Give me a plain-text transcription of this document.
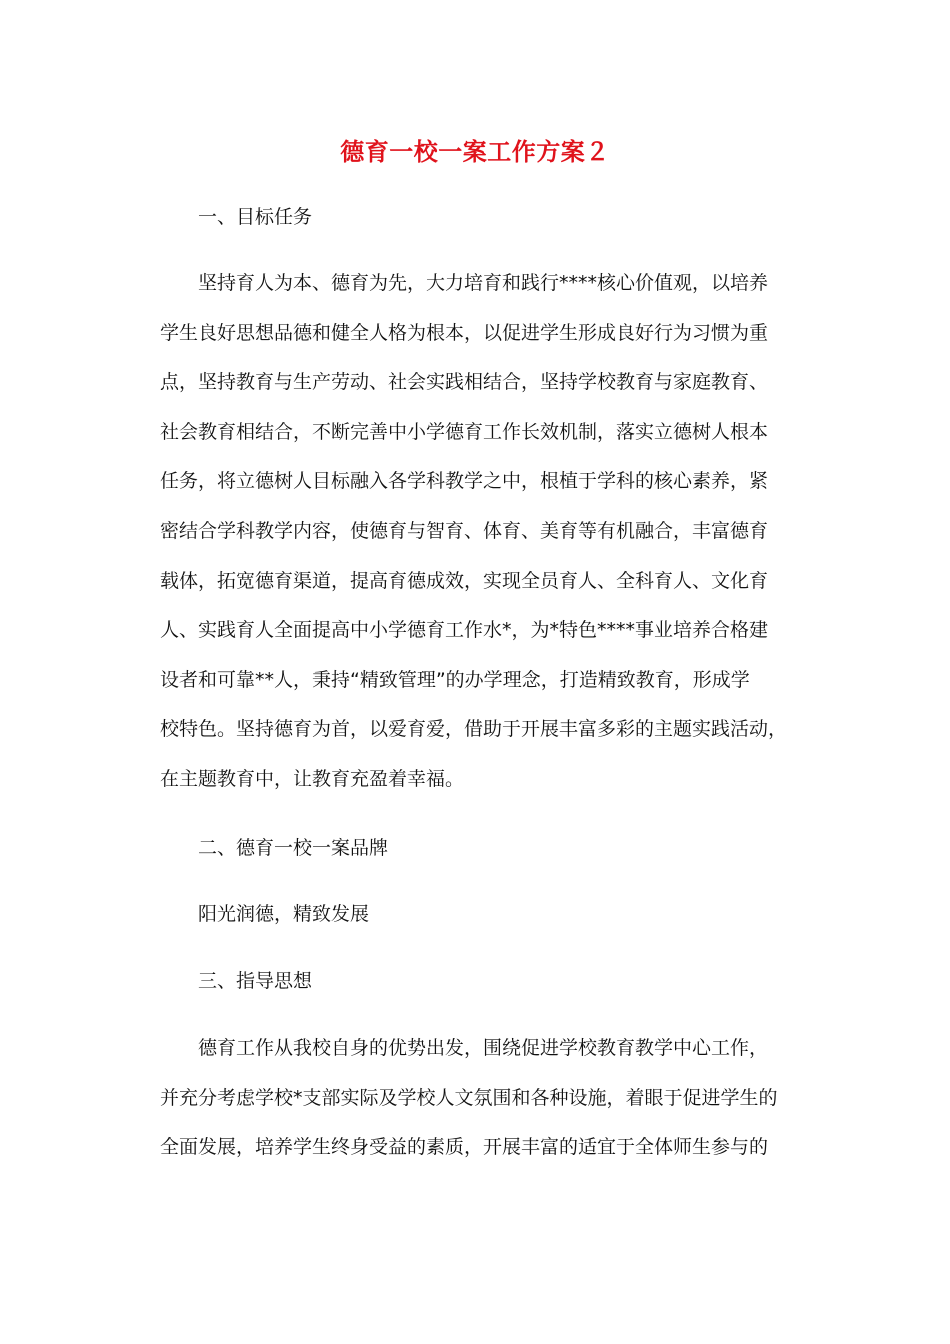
德育一校一案工作方案２
一、目标任务
坚持育人为本、德育为先，大力培育和践行****核心价值观，以培养
学生良好思想品德和健全人格为根本，以促进学生形成良好行为习惯为重
点，坚持教育与生产劳动、社会实践相结合，坚持学校教育与家庭教育、
社会教育相结合，不断完善中小学德育工作长效机制，落实立德树人根本
任务，将立德树人目标融入各学科教学之中，根植于学科的核心素养，紧
密结合学科教学内容，使德育与智育、体育、美育等有机融合，丰富德育
载体，拓宽德育渠道，提高育德成效，实现全员育人、全科育人、文化育
人、实践育人全面提高中小学德育工作水*，为*特色****事业培养合格建
设者和可靠**人，秉持“精致管理”的办学理念，打造精致教育，形成学
校特色。坚持德育为首，以爱育爱，借助于开展丰富多彩的主题实践活动，
在主题教育中，让教育充盈着幸福。
二、德育一校一案品牌
阳光润德，精致发展
三、指导思想
德育工作从我校自身的优势出发，围绕促进学校教育教学中心工作，
并充分考虑学校*支部实际及学校人文氛围和各种设施，着眼于促进学生的
全面发展，培养学生终身受益的素质，开展丰富的适宜于全体师生参与的
